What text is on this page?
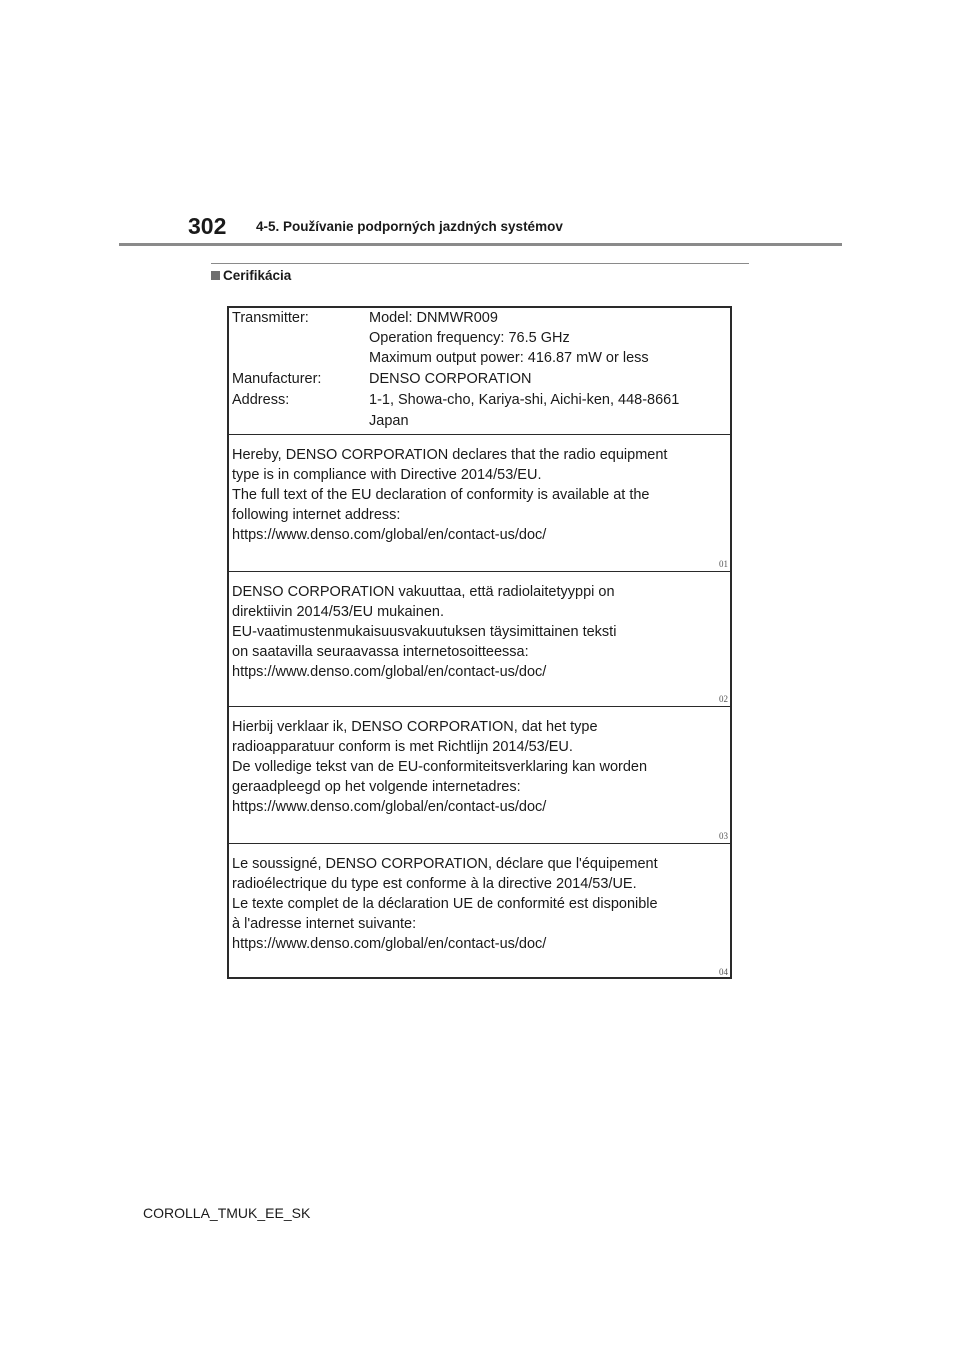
302 4-5. Používanie podporných jazdných systémov
Cerifikácia
Transmitter:	Model: DNMWR009
Operation frequency: 76.5 GHz
Maximum output power: 416.87 mW or less
Manufacturer:	DENSO CORPORATION
Address:	1-1, Showa-cho, Kariya-shi, Aichi-ken, 448-8661
Japan
Hereby, DENSO CORPORATION declares that the radio equipment
type is in compliance with Directive 2014/53/EU.
The full text of the EU declaration of conformity is available at the
following internet address:
https://www.denso.com/global/en/contact-us/doc/
01
DENSO CORPORATION vakuuttaa, että radiolaitetyyppi on
direktiivin 2014/53/EU mukainen.
EU-vaatimustenmukaisuusvakuutuksen täysimittainen teksti
on saatavilla seuraavassa internetosoitteessa:
https://www.denso.com/global/en/contact-us/doc/
02
Hierbij verklaar ik, DENSO CORPORATION, dat het type
radioapparatuur conform is met Richtlijn 2014/53/EU.
De volledige tekst van de EU-conformiteitsverklaring kan worden
geraadpleegd op het volgende internetadres:
https://www.denso.com/global/en/contact-us/doc/
03
Le soussigné, DENSO CORPORATION, déclare que l'équipement
radioélectrique du type est conforme à la directive 2014/53/UE.
Le texte complet de la déclaration UE de conformité est disponible
à l'adresse internet suivante:
https://www.denso.com/global/en/contact-us/doc/
04
COROLLA_TMUK_EE_SK
